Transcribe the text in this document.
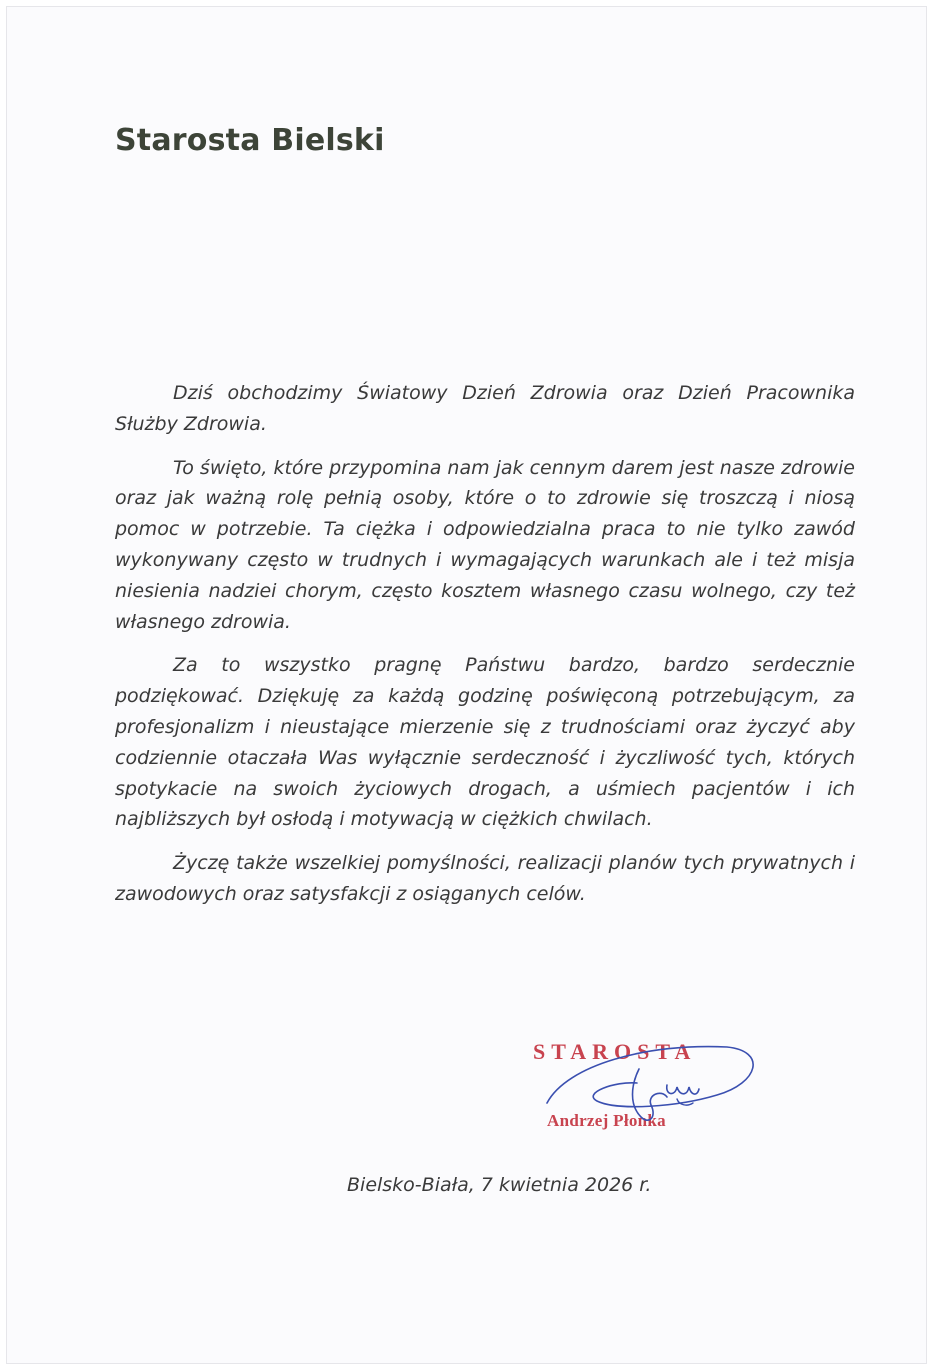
Starosta Bielski

Dziś obchodzimy Światowy Dzień Zdrowia oraz Dzień Pracownika Służby Zdrowia.

To święto, które przypomina nam jak cennym darem jest nasze zdrowie oraz jak ważną rolę pełnią osoby, które o to zdrowie się troszczą i niosą pomoc w potrzebie. Ta ciężka i odpowiedzialna praca to nie tylko zawód wykonywany często w trudnych i wymagających warunkach ale i też misja niesienia nadziei chorym, często kosztem własnego czasu wolnego, czy też własnego zdrowia.

Za to wszystko pragnę Państwu bardzo, bardzo serdecznie podziękować. Dziękuję za każdą godzinę poświęconą potrzebującym, za profesjonalizm i nieustające mierzenie się z trudnościami oraz życzyć aby codziennie otaczała Was wyłącznie serdeczność i życzliwość tych, których spotykacie na swoich życiowych drogach, a uśmiech pacjentów i ich najbliższych był osłodą i motywacją w ciężkich chwilach.

Życzę także wszelkiej pomyślności, realizacji planów tych prywatnych i zawodowych oraz satysfakcji z osiąganych celów.

STAROSTA

Andrzej Płonka

Bielsko-Biała, 7 kwietnia 2026 r.
